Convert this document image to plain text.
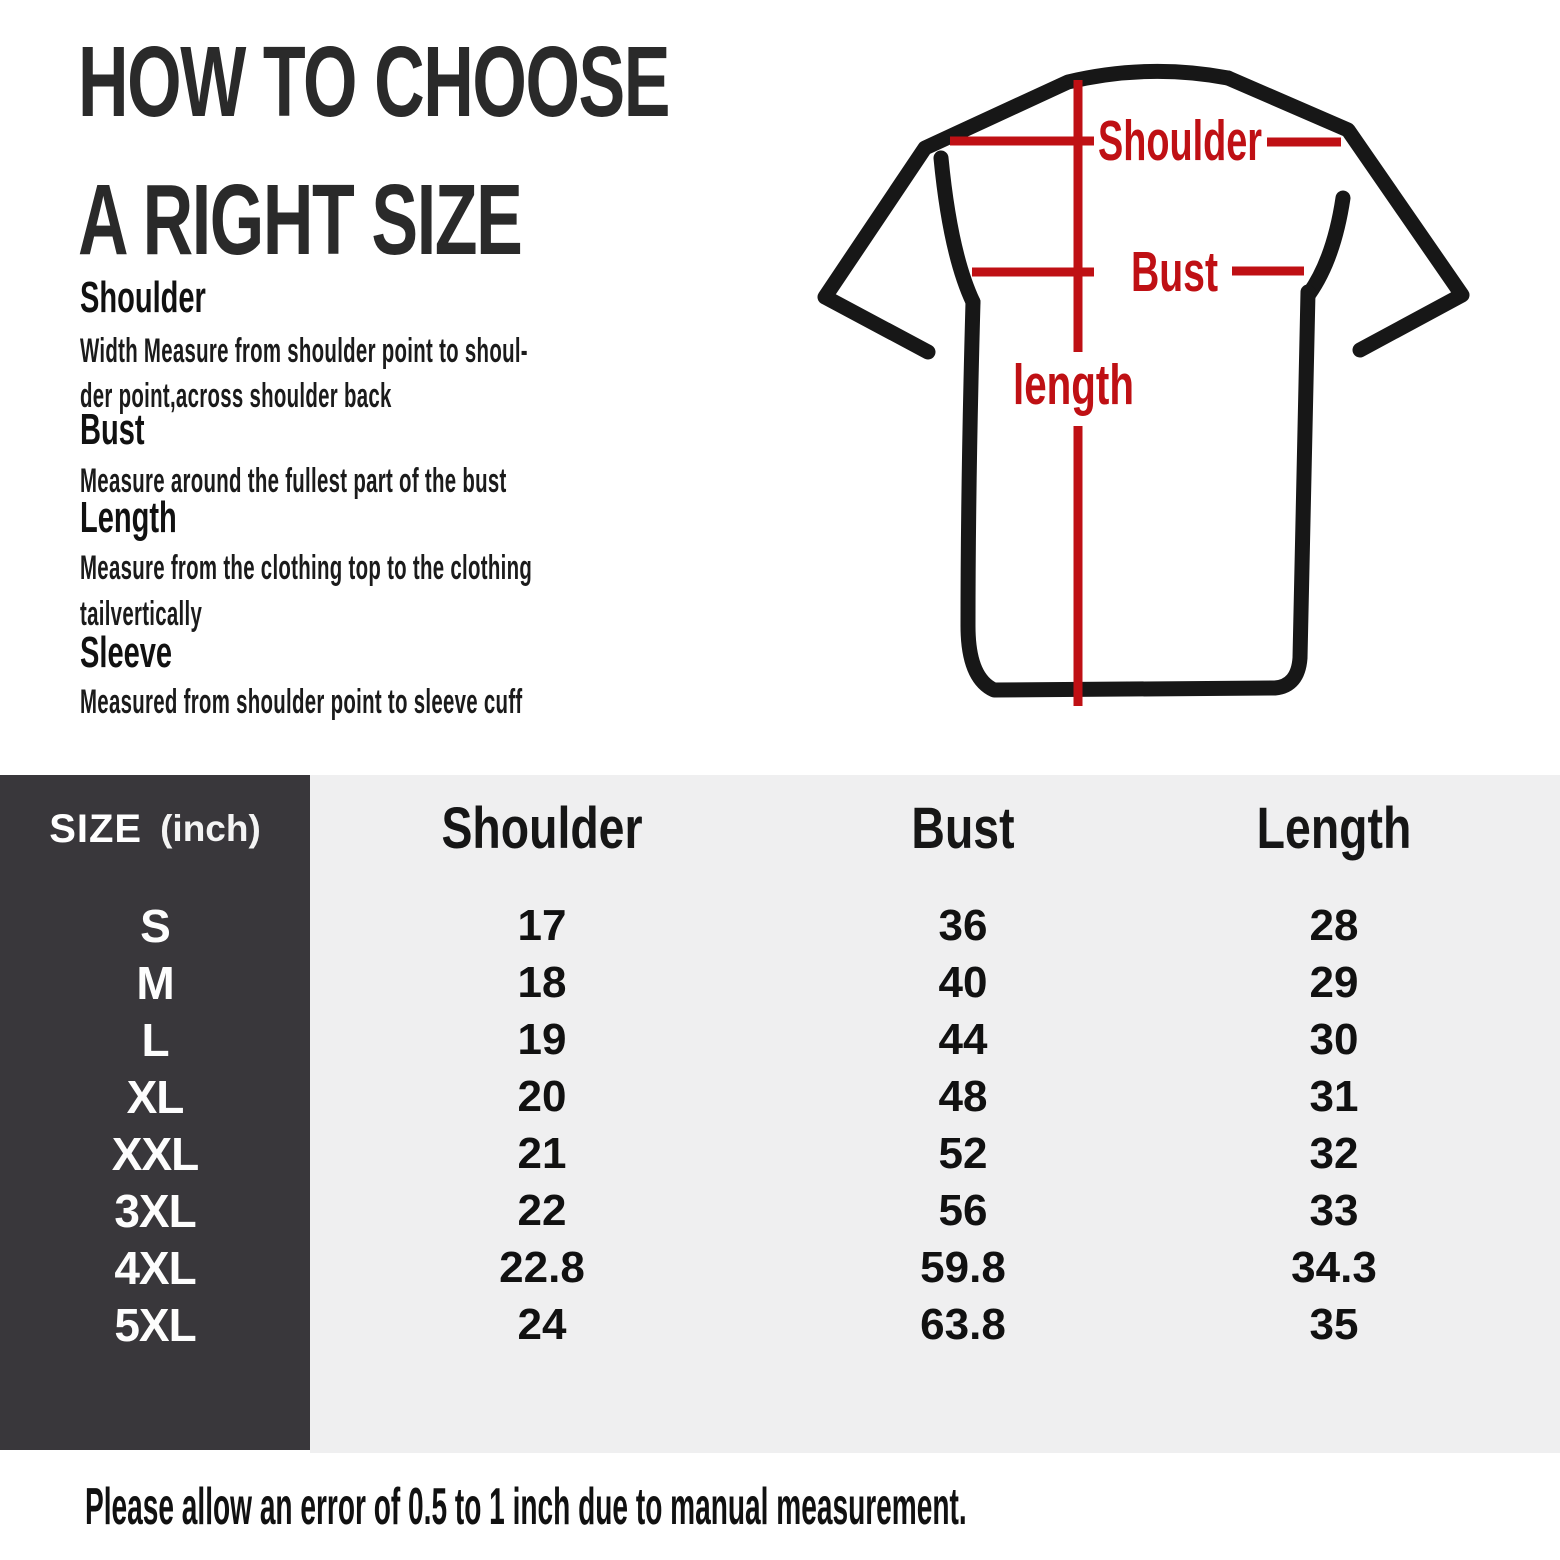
HOW TO CHOOSE
A RIGHT SIZE
Shoulder
Width Measure from shoulder point to shoul-
der point,across shoulder back
Bust
Measure around the fullest part of the bust
Length
Measure from the clothing top to the clothing
tailvertically
Sleeve
Measured from shoulder point to sleeve cuff
Shoulder
Bust
length
SIZE (inch)	Shoulder	Bust	Length
S	17	36	28
M	18	40	29
L	19	44	30
XL	20	48	31
XXL	21	52	32
3XL	22	56	33
4XL	22.8	59.8	34.3
5XL	24	63.8	35
Please allow an error of 0.5 to 1 inch due to manual measurement.
